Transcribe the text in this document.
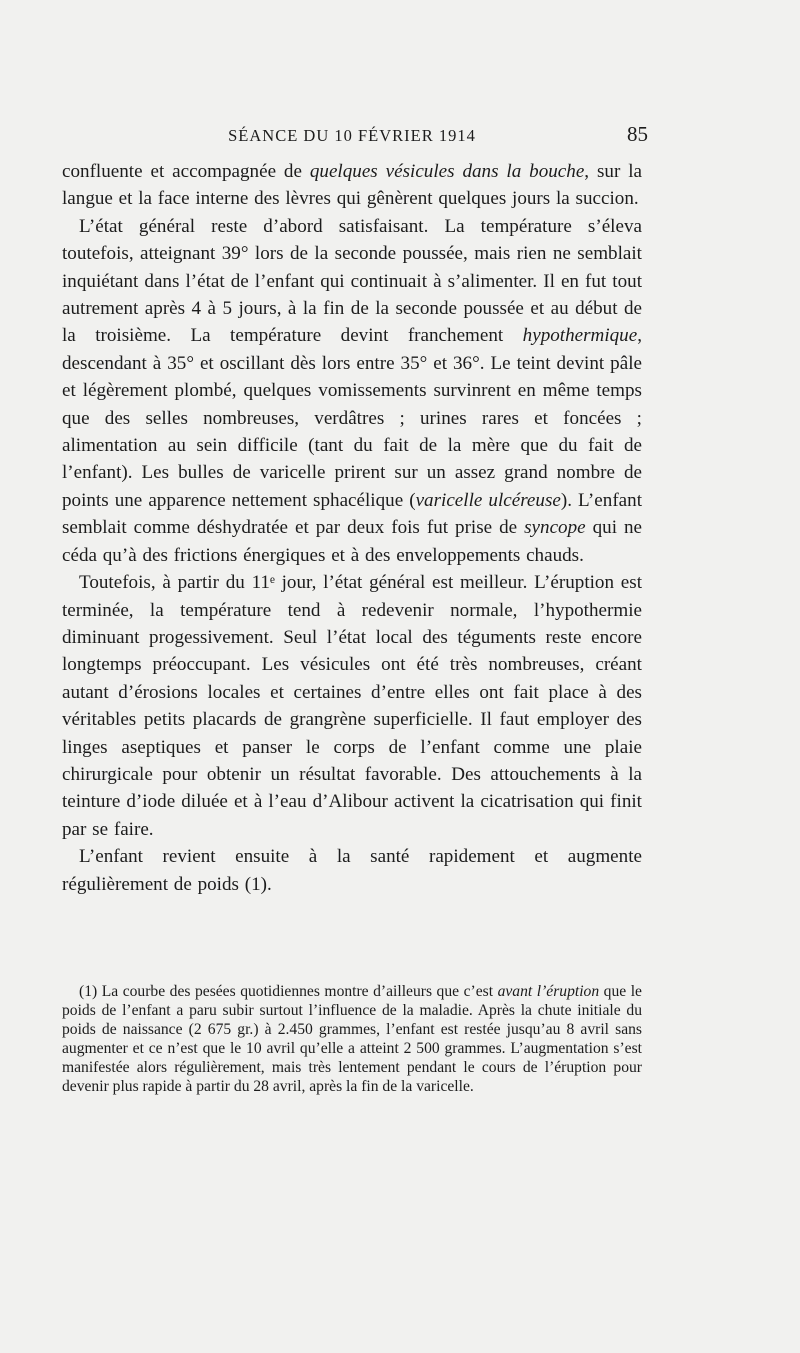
SÉANCE DU 10 FÉVRIER 1914	85

confluente et accompagnée de quelques vésicules dans la bouche, sur la langue et la face interne des lèvres qui gênèrent quelques jours la succion.

L’état général reste d’abord satisfaisant. La température s’éleva toutefois, atteignant 39° lors de la seconde poussée, mais rien ne semblait inquiétant dans l’état de l’enfant qui continuait à s’alimenter. Il en fut tout autrement après 4 à 5 jours, à la fin de la seconde poussée et au début de la troisième. La température devint franchement hypothermique, descendant à 35° et oscillant dès lors entre 35° et 36°. Le teint devint pâle et légèrement plombé, quelques vomissements survinrent en même temps que des selles nombreuses, verdâtres ; urines rares et foncées ; alimentation au sein difficile (tant du fait de la mère que du fait de l’enfant). Les bulles de varicelle prirent sur un assez grand nombre de points une apparence nettement sphacélique (varicelle ulcéreuse). L’enfant semblait comme déshydratée et par deux fois fut prise de syncope qui ne céda qu’à des frictions énergiques et à des enveloppements chauds.

Toutefois, à partir du 11ᵉ jour, l’état général est meilleur. L’éruption est terminée, la température tend à redevenir normale, l’hypothermie diminuant progessivement. Seul l’état local des téguments reste encore longtemps préoccupant. Les vésicules ont été très nombreuses, créant autant d’érosions locales et certaines d’entre elles ont fait place à des véritables petits placards de grangrène superficielle. Il faut employer des linges aseptiques et panser le corps de l’enfant comme une plaie chirurgicale pour obtenir un résultat favorable. Des attouchements à la teinture d’iode diluée et à l’eau d’Alibour activent la cicatrisation qui finit par se faire.

L’enfant revient ensuite à la santé rapidement et augmente régulièrement de poids (1).

(1) La courbe des pesées quotidiennes montre d’ailleurs que c’est avant l’éruption que le poids de l’enfant a paru subir surtout l’influence de la maladie. Après la chute initiale du poids de naissance (2 675 gr.) à 2.450 grammes, l’enfant est restée jusqu’au 8 avril sans augmenter et ce n’est que le 10 avril qu’elle a atteint 2 500 grammes. L’augmentation s’est manifestée alors régulièrement, mais très lentement pendant le cours de l’éruption pour devenir plus rapide à partir du 28 avril, après la fin de la varicelle.
